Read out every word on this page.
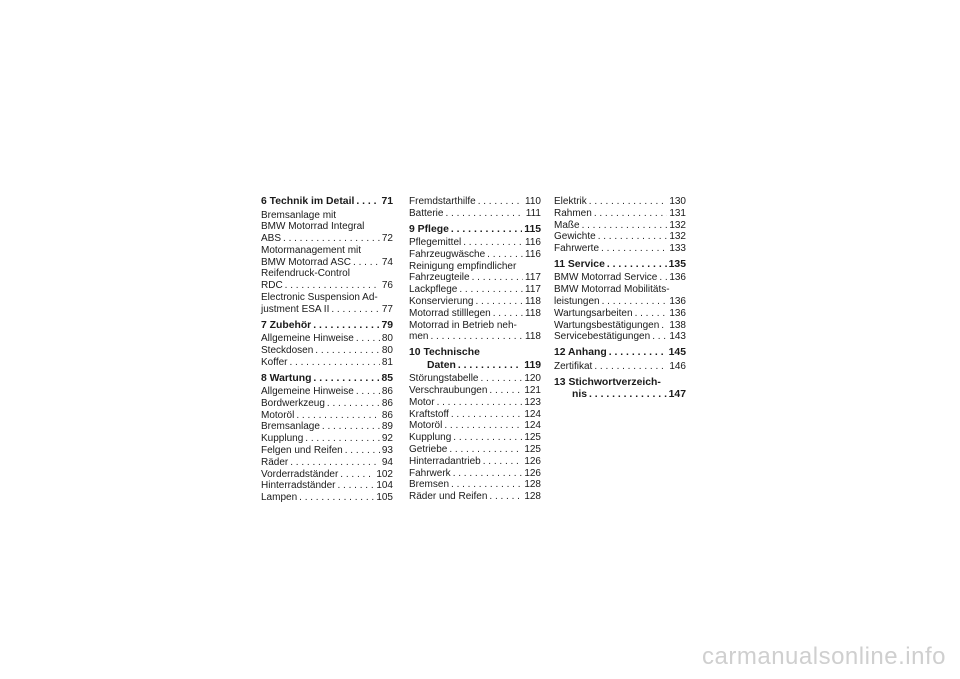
6 Technik im Detail . . .	71
Bremsanlage mit
BMW Motorrad Integral
ABS . . .	72
Motormanagement mit
BMW Motorrad ASC . . .	74
Reifendruck-Control
RDC . . .	76
Electronic Suspension Ad-
justment ESA II . . .	77
7 Zubehör . . .	79
Allgemeine Hinweise . . .	80
Steckdosen . . .	80
Koffer . . .	81
8 Wartung . . .	85
Allgemeine Hinweise . . .	86
Bordwerkzeug . . .	86
Motoröl . . .	86
Bremsanlage . . .	89
Kupplung . . .	92
Felgen und Reifen . . .	93
Räder . . .	94
Vorderradständer . . .	102
Hinterradständer . . .	104
Lampen . . .	105
Fremdstarthilfe . . .	110
Batterie . . .	111
9 Pflege . . .	115
Pflegemittel . . .	116
Fahrzeugwäsche . . .	116
Reinigung empfindlicher
Fahrzeugteile . . .	117
Lackpflege . . .	117
Konservierung . . .	118
Motorrad stilllegen . . .	118
Motorrad in Betrieb neh-
men . . .	118
10 Technische
Daten . . .	119
Störungstabelle . . .	120
Verschraubungen . . .	121
Motor . . .	123
Kraftstoff . . .	124
Motoröl . . .	124
Kupplung . . .	125
Getriebe . . .	125
Hinterradantrieb . . .	126
Fahrwerk . . .	126
Bremsen . . .	128
Räder und Reifen . . .	128
Elektrik . . .	130
Rahmen . . .	131
Maße . . .	132
Gewichte . . .	132
Fahrwerte . . .	133
11 Service . . .	135
BMW Motorrad Service . . . 136
BMW Motorrad Mobilitäts-
leistungen . . .	136
Wartungsarbeiten . . .	136
Wartungsbestätigungen . . . 138
Servicebestätigungen . . . 143
12 Anhang . . .	145
Zertifikat . . .	146
13 Stichwortverzeich-
nis . . .	147
carmanualsonline.info
